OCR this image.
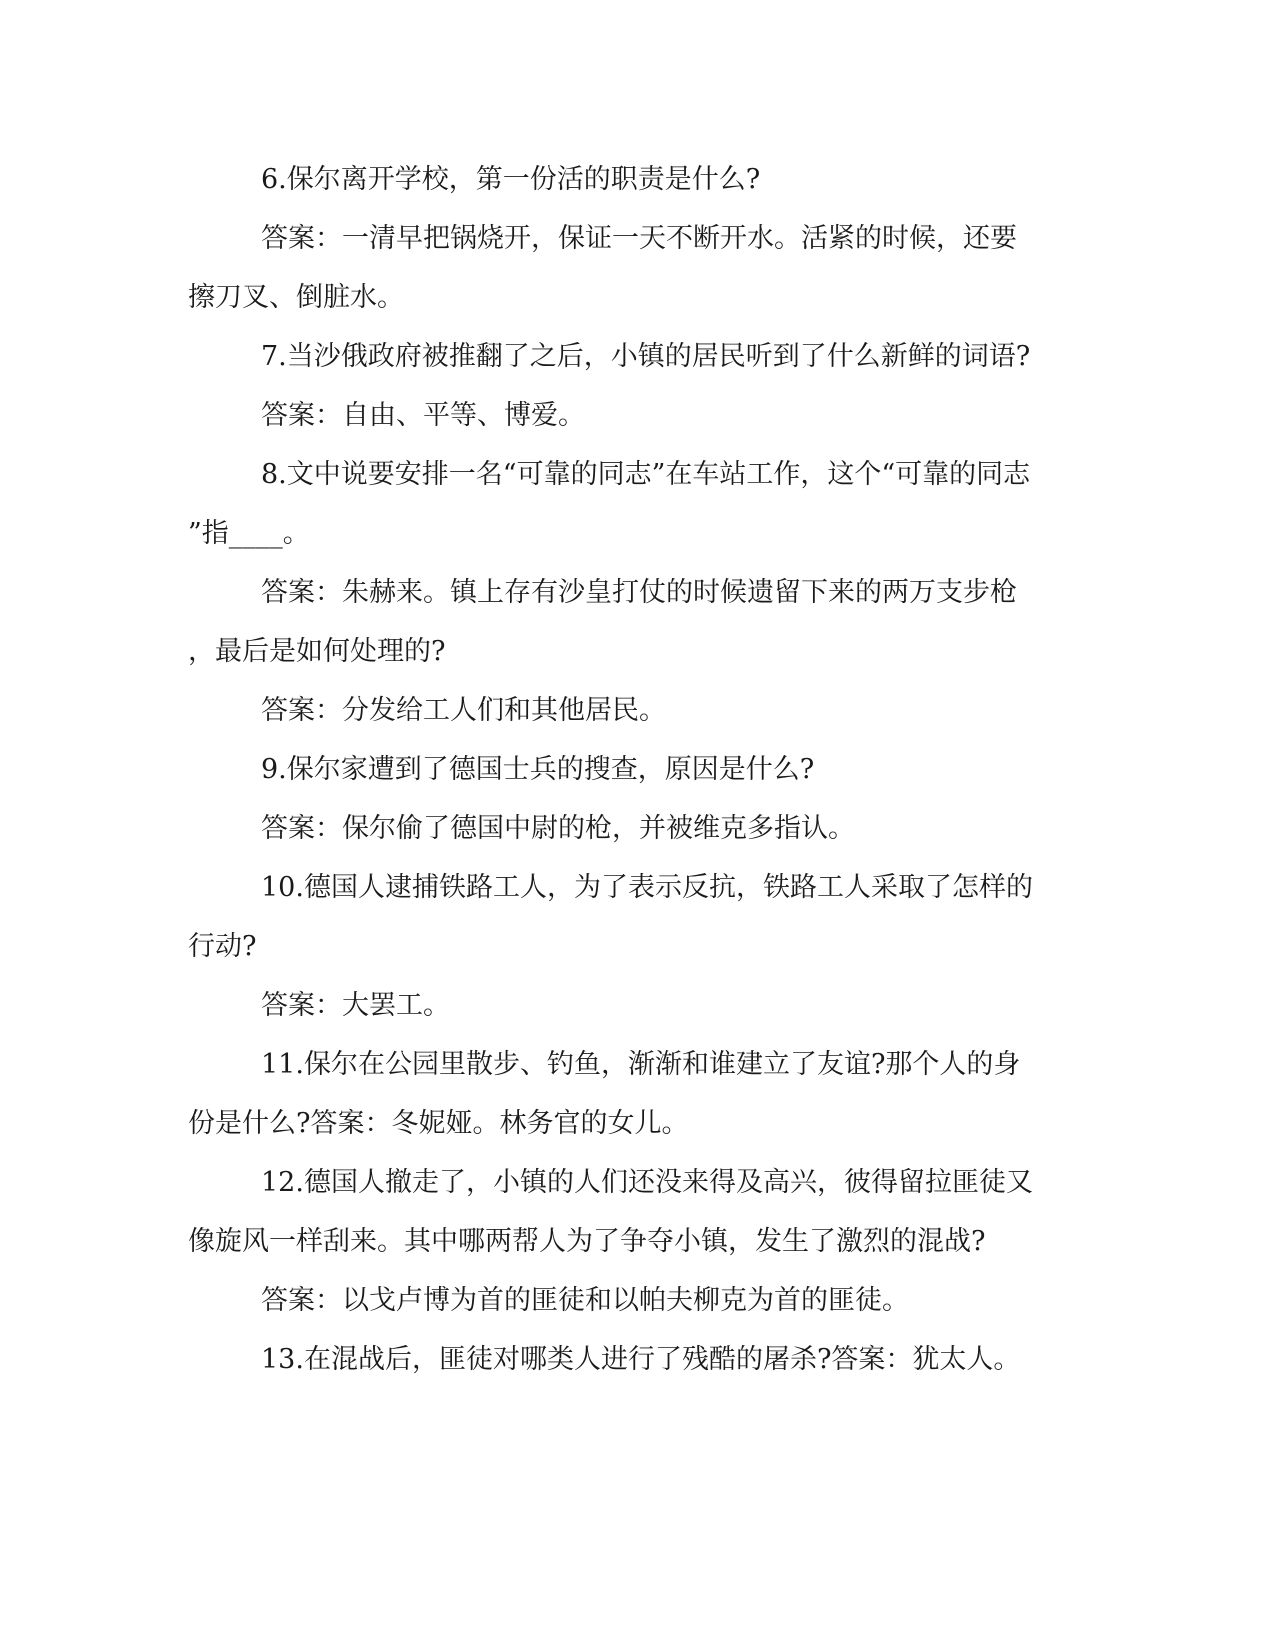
6.保尔离开学校，第一份活的职责是什么?

答案：一清早把锅烧开，保证一天不断开水。活紧的时候，还要

擦刀叉、倒脏水。

7.当沙俄政府被推翻了之后，小镇的居民听到了什么新鲜的词语?

答案：自由、平等、博爱。

8.文中说要安排一名“可靠的同志”在车站工作，这个“可靠的同志

”指____。

答案：朱赫来。镇上存有沙皇打仗的时候遗留下来的两万支步枪

，最后是如何处理的?

答案：分发给工人们和其他居民。

9.保尔家遭到了德国士兵的搜查，原因是什么?

答案：保尔偷了德国中尉的枪，并被维克多指认。

10.德国人逮捕铁路工人，为了表示反抗，铁路工人采取了怎样的

行动?

答案：大罢工。

11.保尔在公园里散步、钓鱼，渐渐和谁建立了友谊?那个人的身

份是什么?答案：冬妮娅。林务官的女儿。

12.德国人撤走了，小镇的人们还没来得及高兴，彼得留拉匪徒又

像旋风一样刮来。其中哪两帮人为了争夺小镇，发生了激烈的混战?

答案：以戈卢博为首的匪徒和以帕夫柳克为首的匪徒。

13.在混战后，匪徒对哪类人进行了残酷的屠杀?答案：犹太人。
